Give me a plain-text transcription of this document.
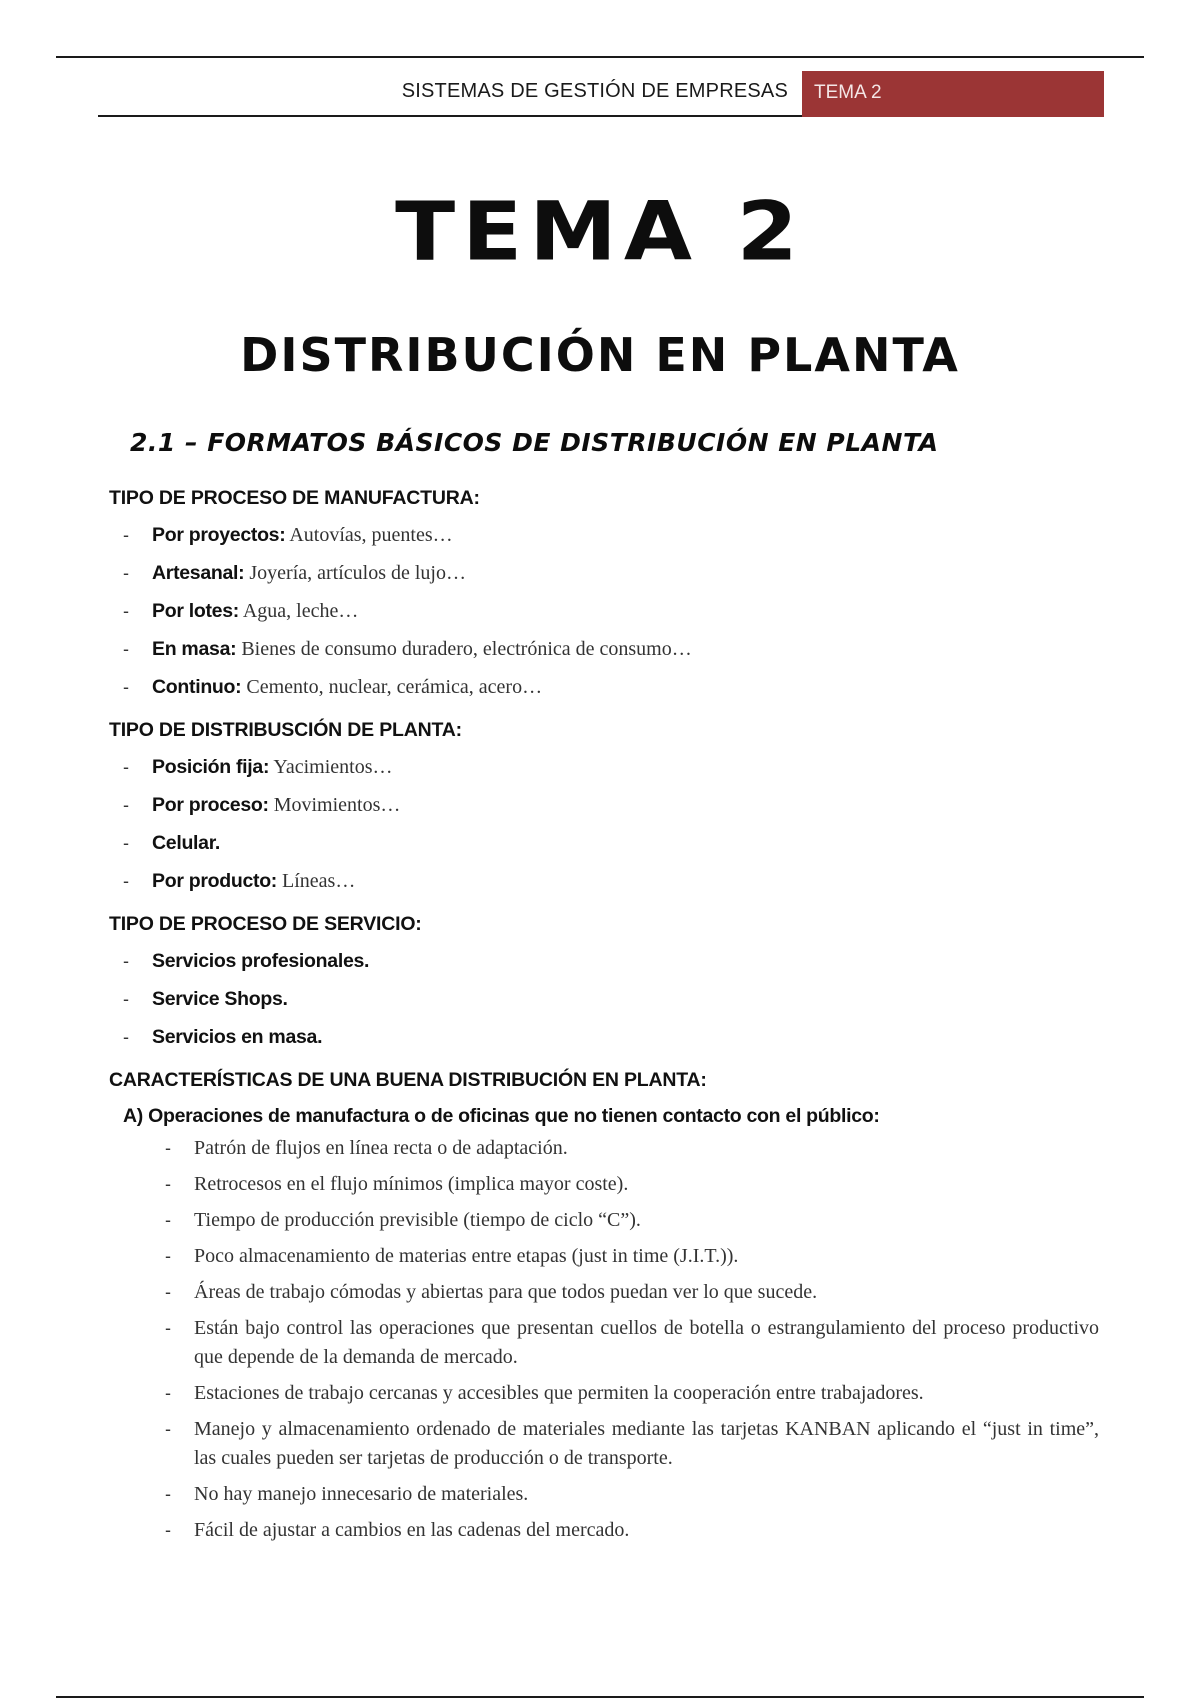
SISTEMAS DE GESTIÓN DE EMPRESAS TEMA 2
TEMA 2
DISTRIBUCIÓN EN PLANTA
2.1 – FORMATOS BÁSICOS DE DISTRIBUCIÓN EN PLANTA
TIPO DE PROCESO DE MANUFACTURA:
- Por proyectos: Autovías, puentes…
- Artesanal: Joyería, artículos de lujo…
- Por lotes: Agua, leche…
- En masa: Bienes de consumo duradero, electrónica de consumo…
- Continuo: Cemento, nuclear, cerámica, acero…
TIPO DE DISTRIBUSCIÓN DE PLANTA:
- Posición fija: Yacimientos…
- Por proceso: Movimientos…
- Celular.
- Por producto: Líneas…
TIPO DE PROCESO DE SERVICIO:
- Servicios profesionales.
- Service Shops.
- Servicios en masa.
CARACTERÍSTICAS DE UNA BUENA DISTRIBUCIÓN EN PLANTA:
A) Operaciones de manufactura o de oficinas que no tienen contacto con el público:
- Patrón de flujos en línea recta o de adaptación.
- Retrocesos en el flujo mínimos (implica mayor coste).
- Tiempo de producción previsible (tiempo de ciclo “C”).
- Poco almacenamiento de materias entre etapas (just in time (J.I.T.)).
- Áreas de trabajo cómodas y abiertas para que todos puedan ver lo que sucede.
- Están bajo control las operaciones que presentan cuellos de botella o estrangulamiento del proceso productivo que depende de la demanda de mercado.
- Estaciones de trabajo cercanas y accesibles que permiten la cooperación entre trabajadores.
- Manejo y almacenamiento ordenado de materiales mediante las tarjetas KANBAN aplicando el “just in time”, las cuales pueden ser tarjetas de producción o de transporte.
- No hay manejo innecesario de materiales.
- Fácil de ajustar a cambios en las cadenas del mercado.
